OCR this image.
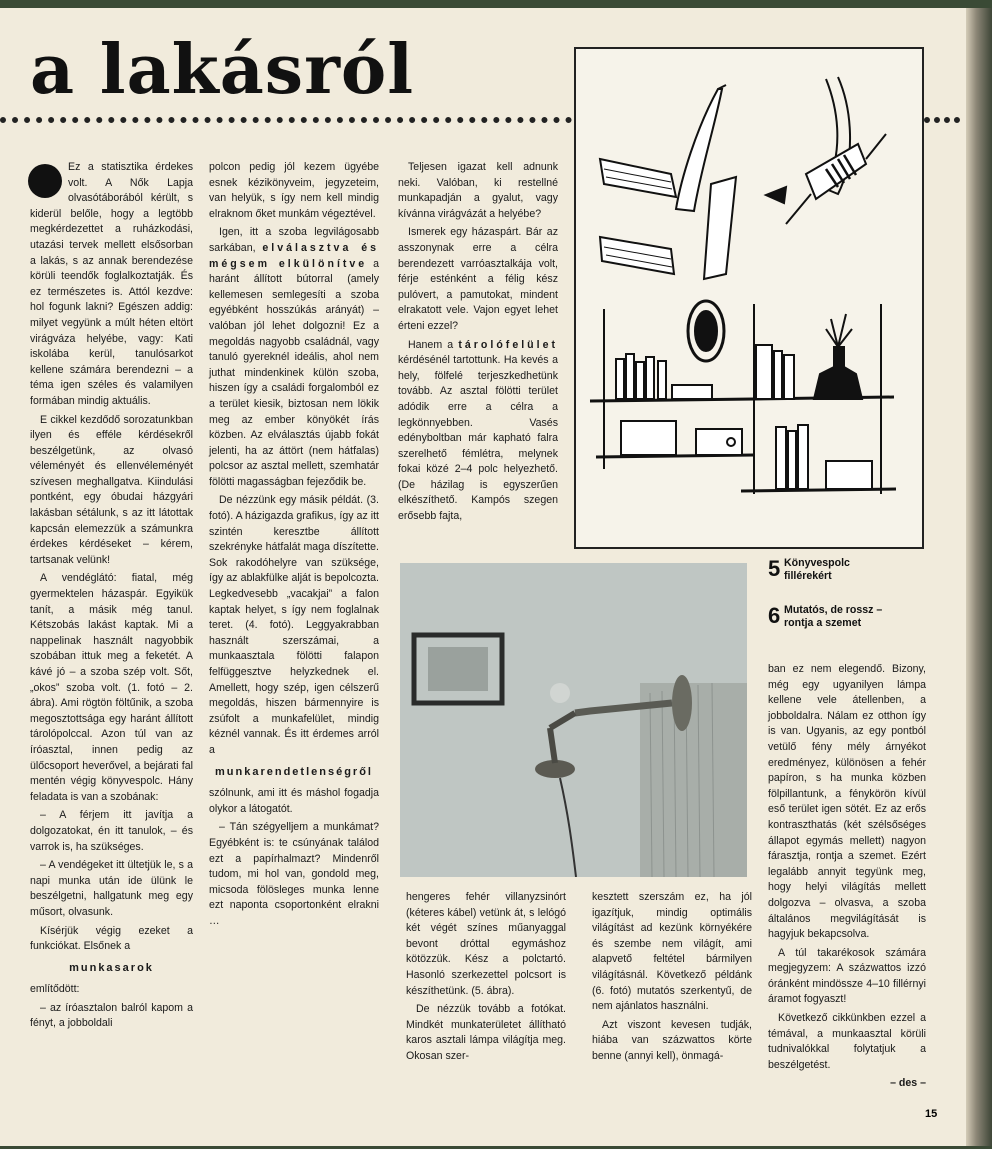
a lakásról

Ez a statisztika érdekes volt. A Nők Lapja olvasótáborából kérült, s kiderül belőle, hogy a legtöbb megkérdezettet a ruházkodási, utazási tervek mellett elsősorban a lakás, s az annak berendezése körüli teendők foglalkoztatják. És ez természetes is. Attól kezdve: hol fogunk lakni? Egészen addig: milyet vegyünk a múlt héten eltört virágváza helyébe, vagy: Kati iskolába kerül, tanulósarkot kellene számára berendezni – a téma igen széles és valamilyen formában mindig aktuális.

E cikkel kezdődő sorozatunkban ilyen és efféle kérdésekről beszélgetünk, az olvasó véleményét és ellenvéleményét szívesen meghallgatva. Kiindulási pontként, egy óbudai házgyári lakásban sétálunk, s az itt látottak kapcsán elemezzük a számunkra érdekes kérdéseket – kérem, tartsanak velünk!

A vendéglátó: fiatal, még gyermektelen házaspár. Egyikük tanít, a másik még tanul. Kétszobás lakást kaptak. Mi a nappelinak használt nagyobbik szobában ittuk meg a feketét. A kávé jó – a szoba szép volt. Sőt, „okos” szoba volt. (1. fotó – 2. ábra). Ami rögtön föltűnik, a szoba megosztottsága egy haránt állított tárolópolccal. Azon túl van az íróasztal, innen pedig az ülőcsoport heverővel, a bejárati fal mentén végig könyvespolc. Hány feladata is van a szobának:

– A férjem itt javítja a dolgozatokat, én itt tanulok, – és varrok is, ha szükséges.

– A vendégeket itt ültetjük le, s a napi munka után ide ülünk le beszélgetni, hallgatunk meg egy műsort, olvasunk.

Kísérjük végig ezeket a funkciókat. Elsőnek a

munkasarok

említődött:

– az íróasztalon balról kapom a fényt, a jobboldali

polcon pedig jól kezem ügyébe esnek kézikönyveim, jegyzeteim, van helyük, s így nem kell mindig elraknom őket munkám végeztével.

Igen, itt a szoba legvilágosabb sarkában, elválasztva és mégsem elkülönítve a haránt állított bútorral (amely kellemesen semlegesíti a szoba egyébként hosszúkás arányát) – valóban jól lehet dolgozni! Ez a megoldás nagyobb családnál, vagy tanuló gyereknél ideális, ahol nem juthat mindenkinek külön szoba, hiszen így a családi forgalomból ez a terület kiesik, biztosan nem lökik meg az ember könyökét írás közben. Az elválasztás újabb fokát jelenti, ha az áttört (nem hátfalas) polcsor az asztal mellett, szemhatár fölötti magasságban fejeződik be.

De nézzünk egy másik példát. (3. fotó). A házigazda grafikus, így az itt szintén keresztbe állított szekrényke hátfalát maga díszítette. Sok rakodóhelyre van szüksége, így az ablakfülke alját is bepolcozta. Legkedvesebb „vacakjai” a falon kaptak helyet, s így nem foglalnak teret. (4. fotó). Leggyakrabban használt szerszámai, a munkaasztala fölötti falapon felfüggesztve helyzkednek el. Amellett, hogy szép, igen célszerű megoldás, hiszen bármennyire is zsúfolt a munkafelület, mindig kéznél vannak. És itt érdemes arról a

munkarendetlenségről

szólnunk, ami itt és máshol fogadja olykor a látogatót.

– Tán szégyelljem a munkámat? Egyébként is: te csúnyának találod ezt a papírhalmazt? Mindenről tudom, mi hol van, gondold meg, micsoda fölösleges munka lenne ezt naponta csoportonként elrakni …

Teljesen igazat kell adnunk neki. Valóban, ki restellné munkapadján a gyalut, vagy kívánna virágvázát a helyébe?

Ismerek egy házaspárt. Bár az asszonynak erre a célra berendezett varróasztalkája volt, férje esténként a félig kész pulóvert, a pamutokat, mindent elrakatott vele. Vajon egyet lehet érteni ezzel?

Hanem a tárolófelület kérdésénél tartottunk. Ha kevés a hely, fölfelé terjeszkedhetünk tovább. Az asztal fölötti terület adódik erre a célra a legkönnyebben. Vasés edényboltban már kapható falra szerelhető fémlétra, melynek fokai közé 2–4 polc helyezhető. (De házilag is egyszerűen elkészíthető. Kampós szegen erősebb fajta,

hengeres fehér villanyzsinórt (kéteres kábel) vetünk át, s lelógó két végét színes műanyaggal bevont dróttal egymáshoz kötözzük. Kész a polctartó. Hasonló szerkezettel polcsort is készíthetünk. (5. ábra).

De nézzük tovább a fotókat. Mindkét munkaterületet állítható karos asztali lámpa világítja meg. Okosan szer-

kesztett szerszám ez, ha jól igazítjuk, mindig optimális világítást ad kezünk környékére és szembe nem világít, ami alapvető feltétel bármilyen világításnál. Következő példánk (6. fotó) mutatós szerkentyű, de nem ajánlatos használni.

Azt viszont kevesen tudják, hiába van százwattos körte benne (annyi kell), önmagá-

ban ez nem elegendő. Bizony, még egy ugyanilyen lámpa kellene vele átellenben, a jobboldalra. Nálam ez otthon így is van. Ugyanis, az egy pontból vetülő fény mély árnyékot eredményez, különösen a fehér papíron, s ha munka közben fölpillantunk, a fénykörön kívül eső terület igen sötét. Ez az erős kontraszthatás (két szélsőséges állapot egymás mellett) nagyon fárasztja, rontja a szemet. Ezért legalább annyit tegyünk meg, hogy helyi világítás mellett dolgozva – olvasva, a szoba általános megvilágítását is hagyjuk bekapcsolva.

A túl takarékosok számára megjegyzem: A százwattos izzó óránként mindössze 4–10 fillérnyi áramot fogyaszt!

Következő cikkünkben ezzel a témával, a munkaasztal körüli tudnivalókkal folytatjuk a beszélgetést.

– des –

5 Könyvespolc fillérekért
6 Mutatós, de rossz – rontja a szemet
15
